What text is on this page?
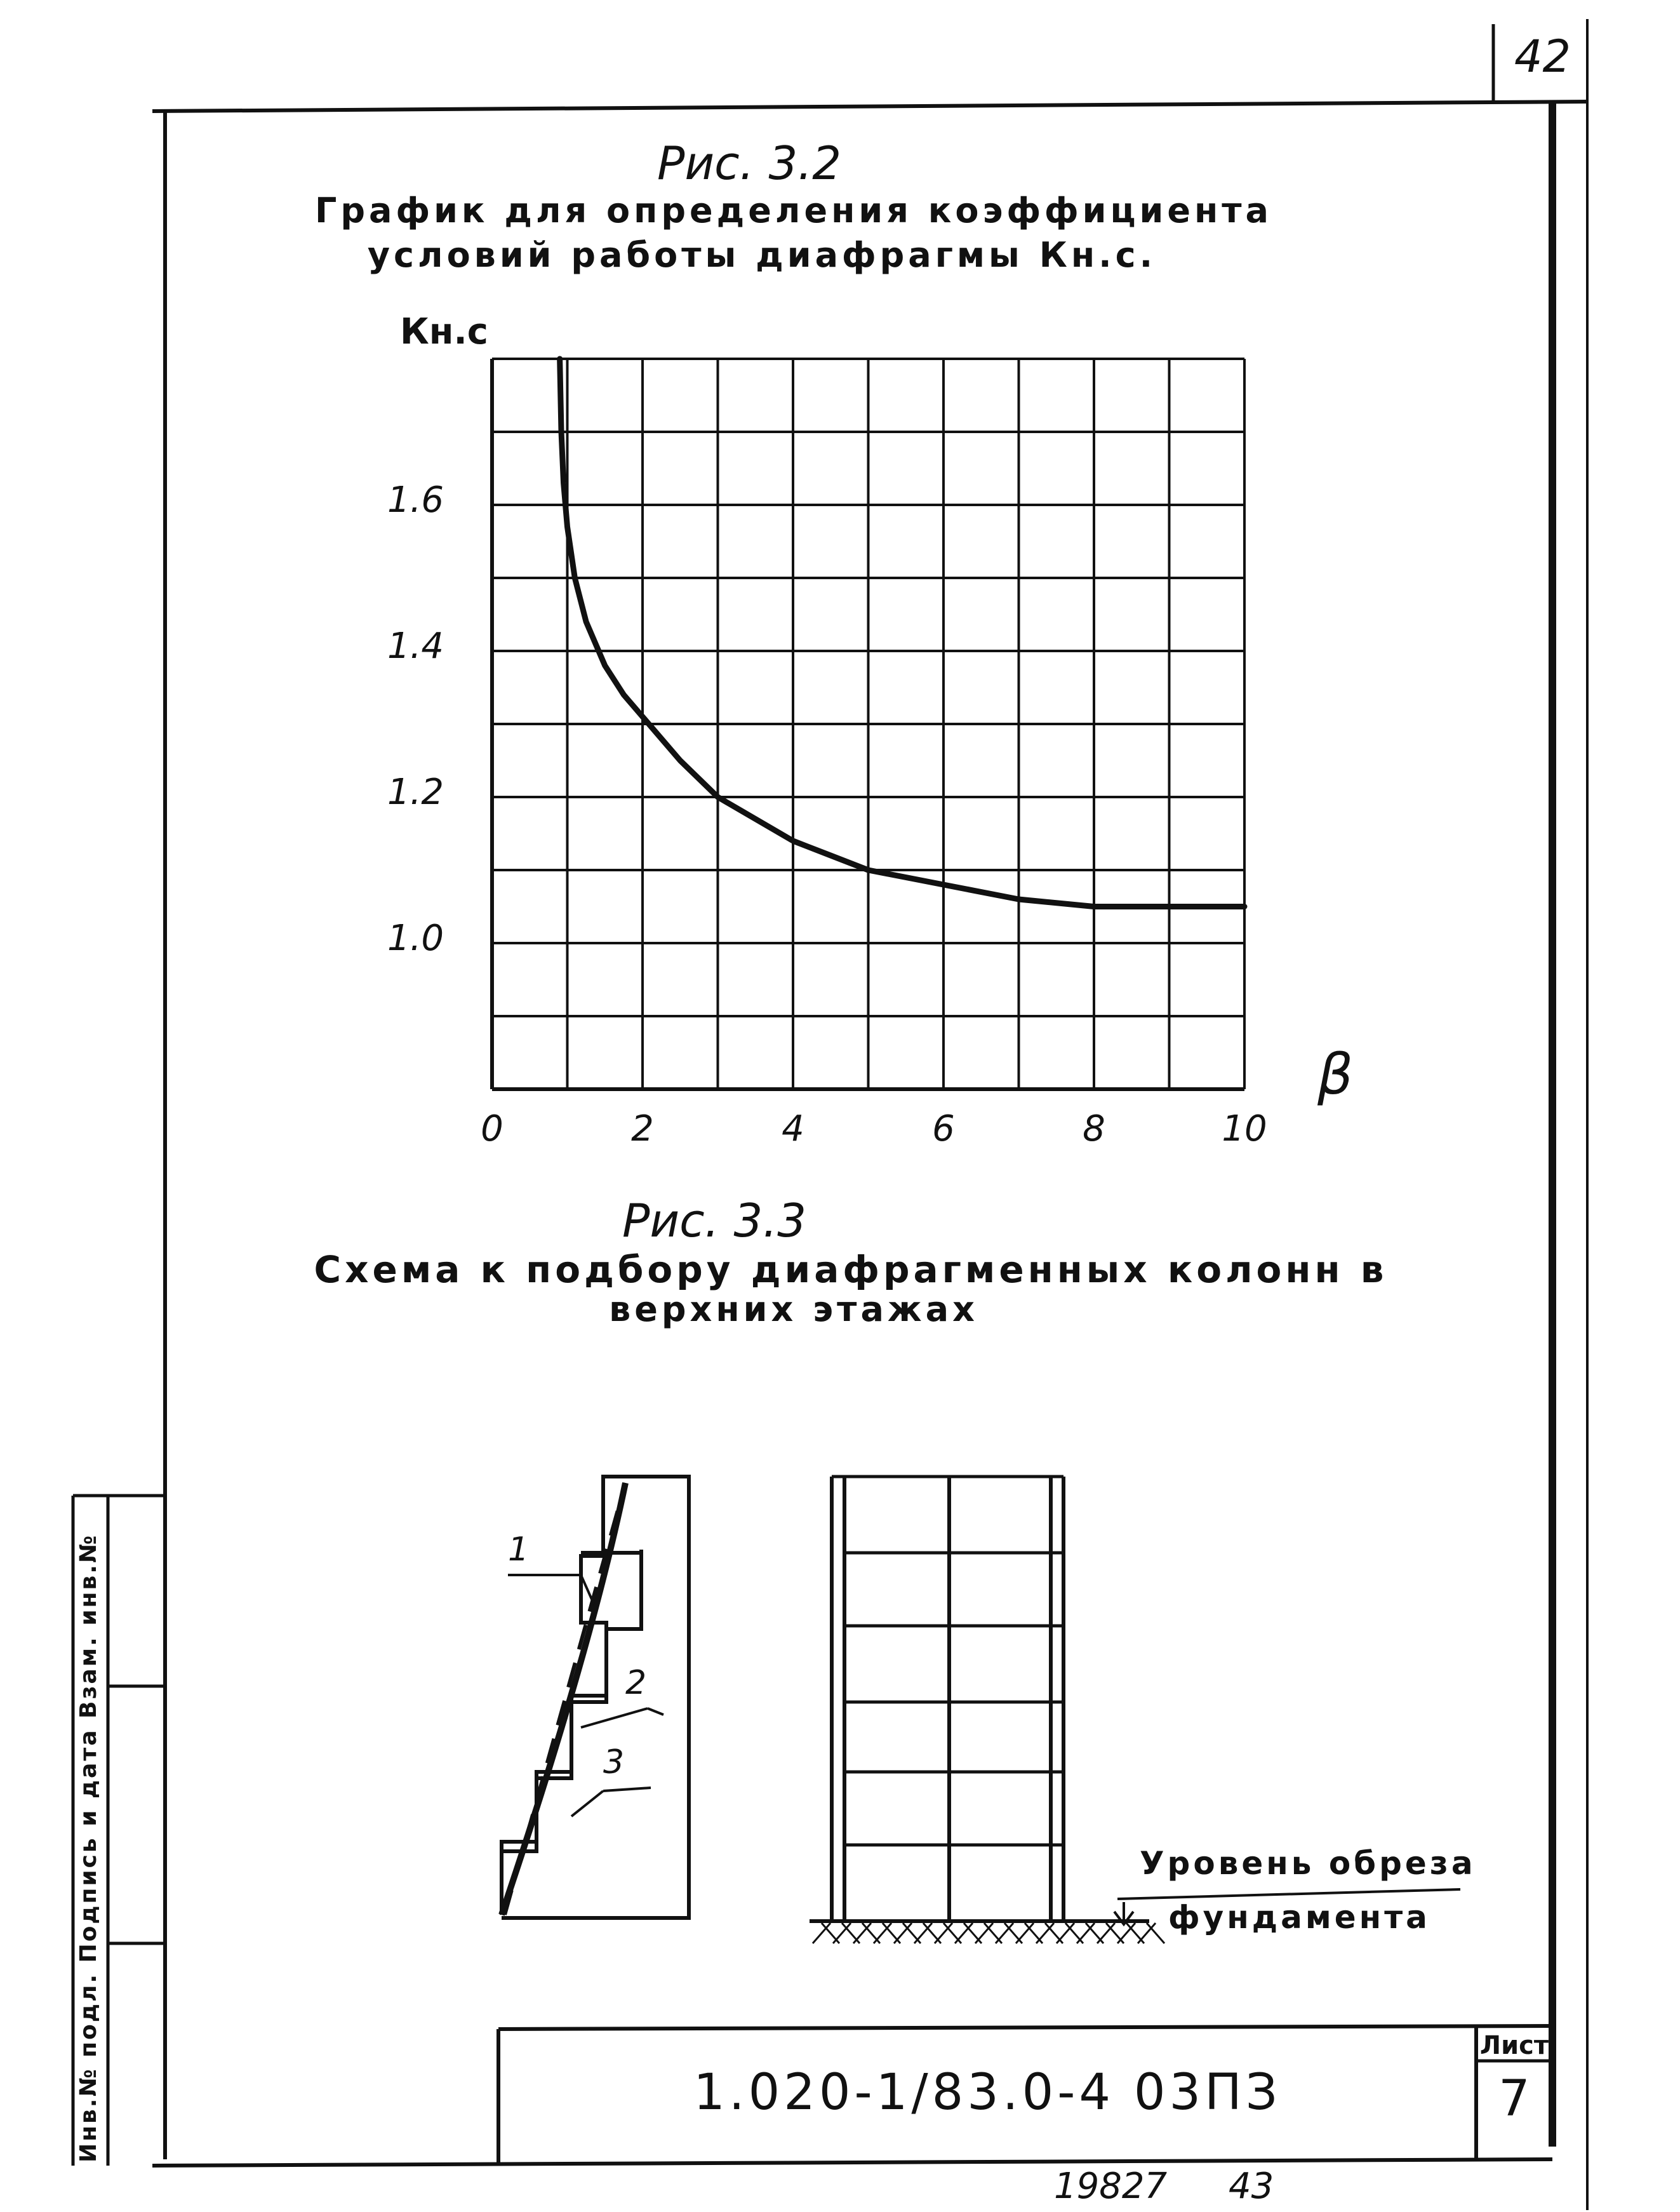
42
Рис. 3.2
График для определения коэффициента
условий работы диафрагмы Кн.с.
Кн.с
β
1.6
1.4
1.2
1.0
0	2	4	6	8	10
Рис. 3.3
Схема к подбору диафрагменных колонн в
верхних этажах
1
2
3
Уровень обреза
фундамента
Инв.№ подл. Подпись и дата Взам. инв.№	1.020-1/83.0-4 03ПЗ
Лист
7
19827 43
